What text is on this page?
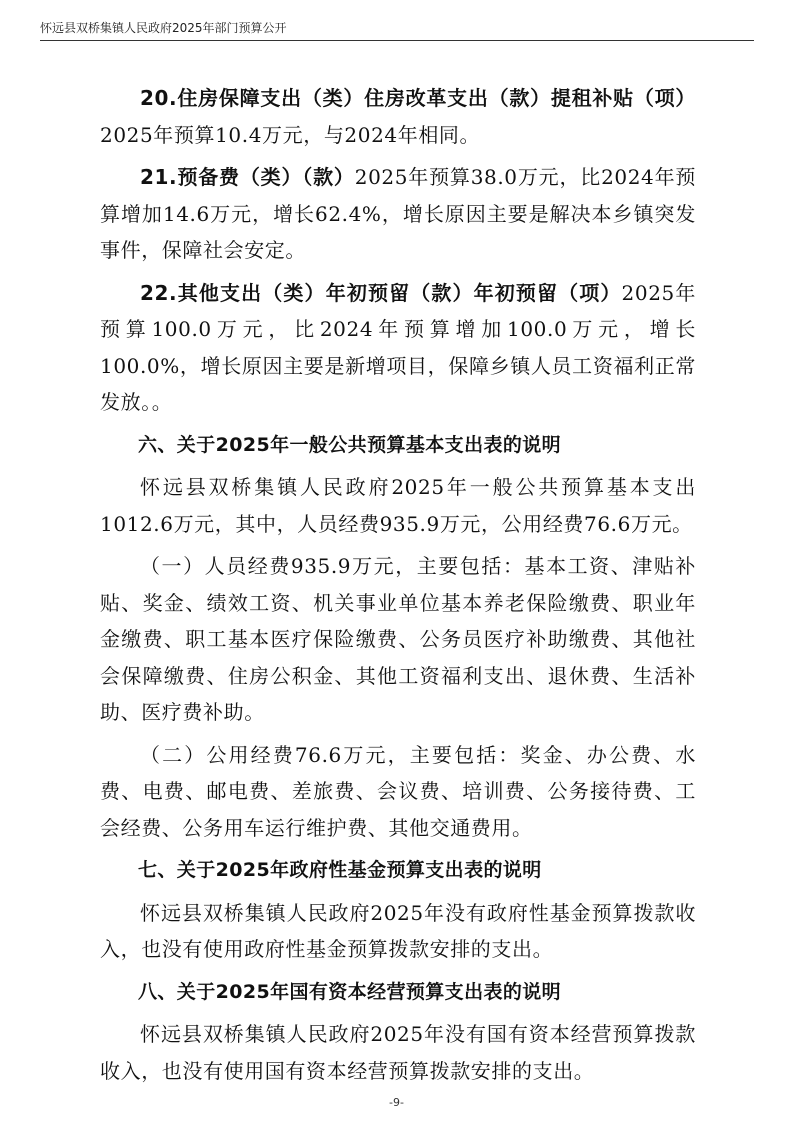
怀远县双桥集镇人民政府2025年部门预算公开

20.住房保障支出（类）住房改革支出（款）提租补贴（项）2025年预算10.4万元，与2024年相同。

21.预备费（类）（款）2025年预算38.0万元，比2024年预算增加14.6万元，增长62.4%，增长原因主要是解决本乡镇突发事件，保障社会安定。

22.其他支出（类）年初预留（款）年初预留（项）2025年预算100.0万元，比2024年预算增加100.0万元，增长100.0%，增长原因主要是新增项目，保障乡镇人员工资福利正常发放。。

六、关于2025年一般公共预算基本支出表的说明

怀远县双桥集镇人民政府2025年一般公共预算基本支出1012.6万元，其中，人员经费935.9万元，公用经费76.6万元。

（一）人员经费935.9万元，主要包括：基本工资、津贴补贴、奖金、绩效工资、机关事业单位基本养老保险缴费、职业年金缴费、职工基本医疗保险缴费、公务员医疗补助缴费、其他社会保障缴费、住房公积金、其他工资福利支出、退休费、生活补助、医疗费补助。

（二）公用经费76.6万元，主要包括：奖金、办公费、水费、电费、邮电费、差旅费、会议费、培训费、公务接待费、工会经费、公务用车运行维护费、其他交通费用。

七、关于2025年政府性基金预算支出表的说明

怀远县双桥集镇人民政府2025年没有政府性基金预算拨款收入，也没有使用政府性基金预算拨款安排的支出。

八、关于2025年国有资本经营预算支出表的说明

怀远县双桥集镇人民政府2025年没有国有资本经营预算拨款收入，也没有使用国有资本经营预算拨款安排的支出。

-9-
